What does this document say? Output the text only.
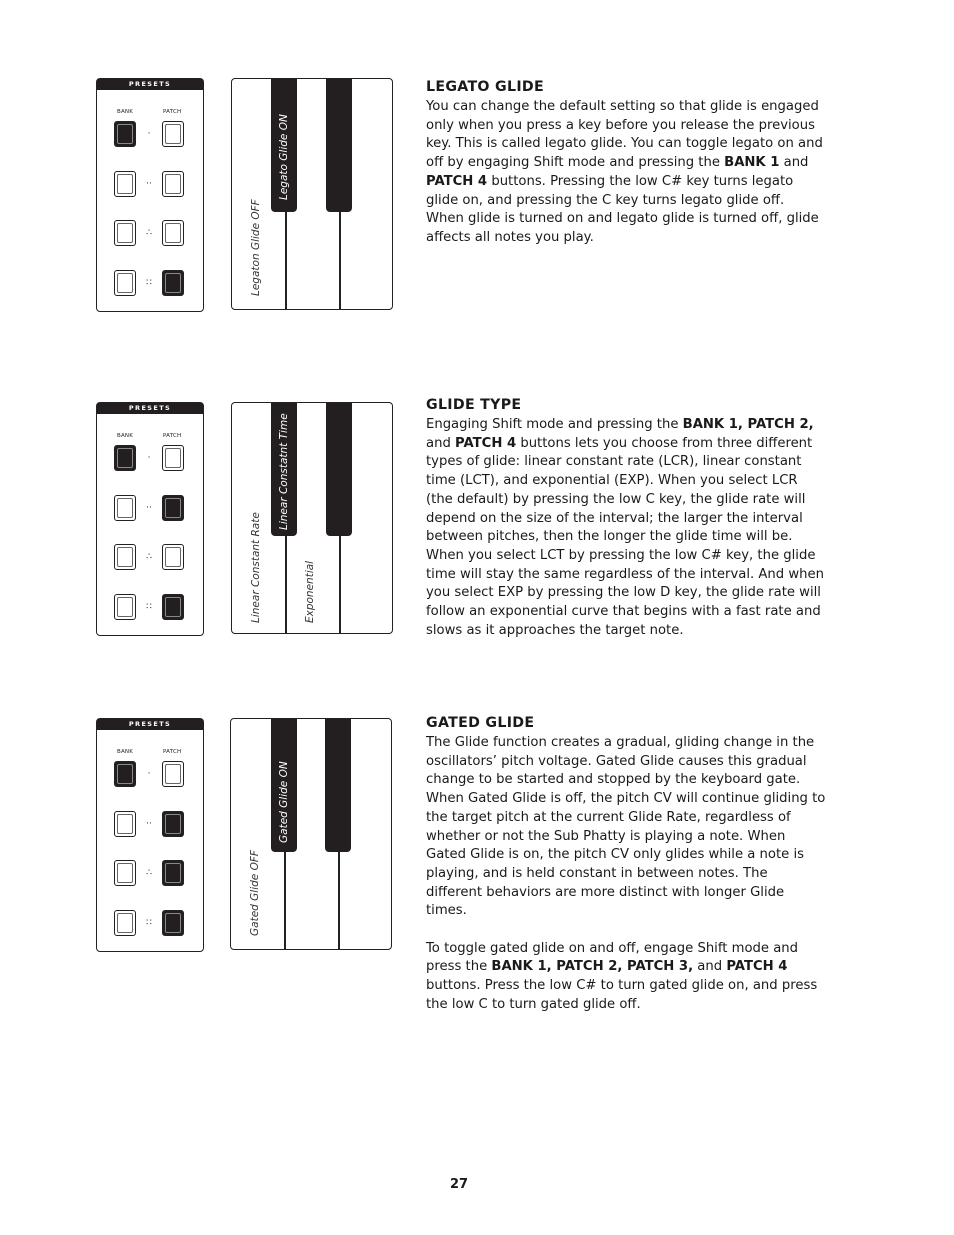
PRESETS
BANK	PATCH
·
··
∴
∷	Legaton Glide OFF
Legato Glide ON
LEGATO GLIDE

You can change the default setting so that glide is engaged only when you press a key before you release the previous key. This is called legato glide. You can toggle legato on and off by engaging Shift mode and pressing the BANK 1 and PATCH 4 buttons. Pressing the low C# key turns legato glide on, and pressing the C key turns legato glide off. When glide is turned on and legato glide is turned off, glide affects all notes you play.

PRESETS
BANK	PATCH
·
··
∴
∷	Linear Constant Rate
Linear Constatnt Time
Exponential
GLIDE TYPE

Engaging Shift mode and pressing the BANK 1, PATCH 2, and PATCH 4 buttons lets you choose from three different types of glide: linear constant rate (LCR), linear constant time (LCT), and exponential (EXP). When you select LCR (the default) by pressing the low C key, the glide rate will depend on the size of the interval; the larger the interval between pitches, then the longer the glide time will be. When you select LCT by pressing the low C# key, the glide time will stay the same regardless of the interval. And when you select EXP by pressing the low D key, the glide rate will follow an exponential curve that begins with a fast rate and slows as it approaches the target note.

PRESETS
BANK	PATCH
·
··
∴
∷	Gated Glide OFF
Gated Glide ON
GATED GLIDE

The Glide function creates a gradual, gliding change in the oscillators’ pitch voltage. Gated Glide causes this gradual change to be started and stopped by the keyboard gate. When Gated Glide is off, the pitch CV will continue gliding to the target pitch at the current Glide Rate, regardless of whether or not the Sub Phatty is playing a note. When Gated Glide is on, the pitch CV only glides while a note is playing, and is held constant in between notes. The different behaviors are more distinct with longer Glide times.

To toggle gated glide on and off, engage Shift mode and press the BANK 1, PATCH 2, PATCH 3, and PATCH 4 buttons. Press the low C# to turn gated glide on, and press the low C to turn gated glide off.

27
